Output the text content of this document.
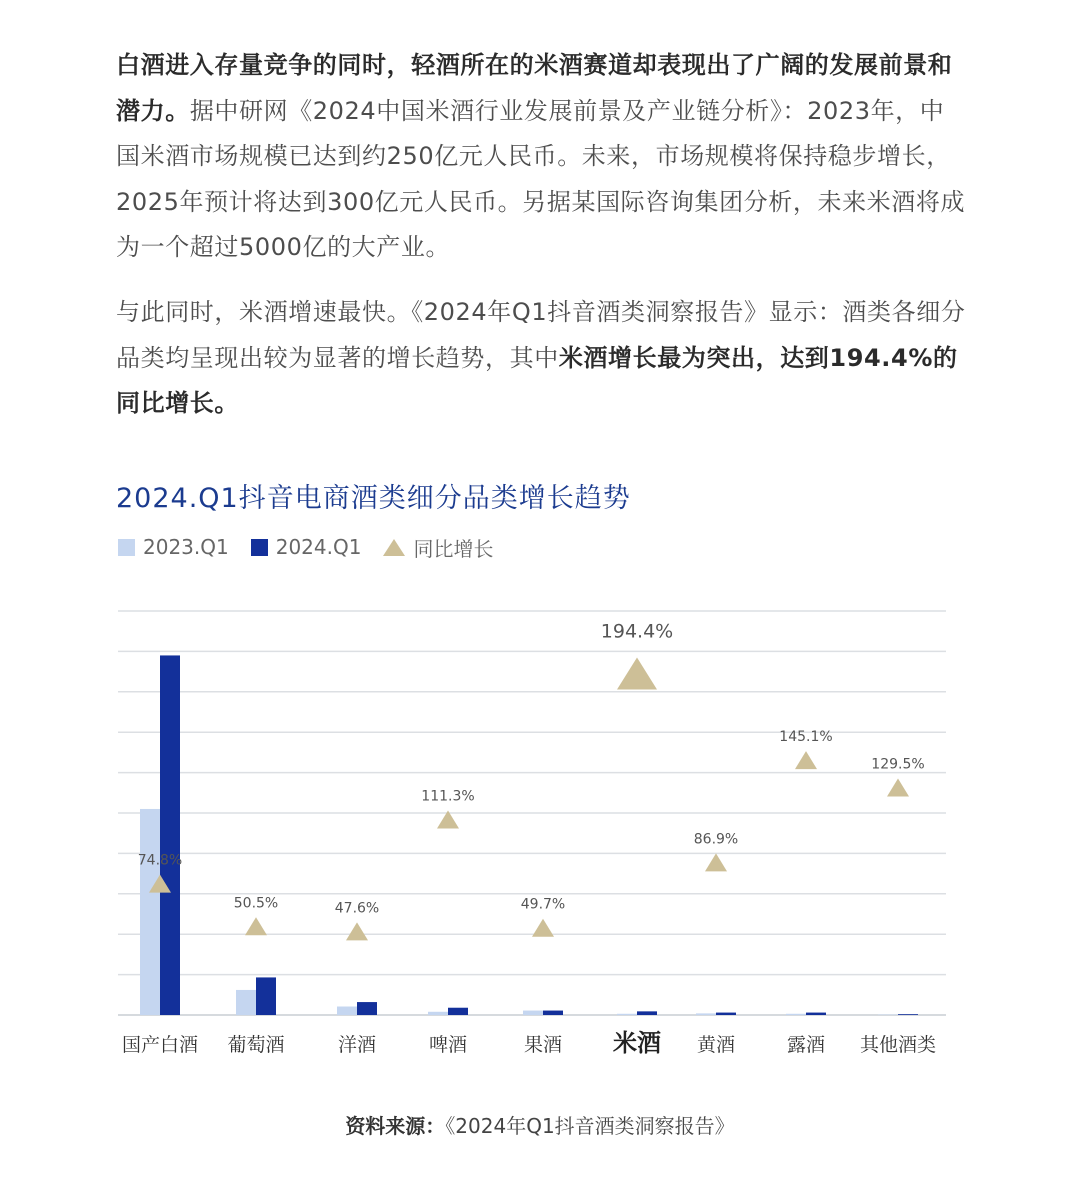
白酒进入存量竞争的同时，轻酒所在的米酒赛道却表现出了广阔的发展前景和潜力。据中研网《2024中国米酒行业发展前景及产业链分析》：2023年，中国米酒市场规模已达到约250亿元人民币。未来，市场规模将保持稳步增长，2025年预计将达到300亿元人民币。另据某国际咨询集团分析，未来米酒将成为一个超过5000亿的大产业。

与此同时，米酒增速最快。《2024年Q1抖音酒类洞察报告》显示：酒类各细分品类均呈现出较为显著的增长趋势，其中米酒增长最为突出，达到194.4%的同比增长。

2024.Q1抖音电商酒类细分品类增长趋势
2023.Q1 2024.Q1	同比增长
74.8%
国产白酒
50.5%
葡萄酒
47.6%
洋酒
111.3%
啤酒
49.7%
果酒
194.4%
米酒
86.9%
黄酒
145.1%
露酒
129.5%
其他酒类
资料来源：《2024年Q1抖音酒类洞察报告》
